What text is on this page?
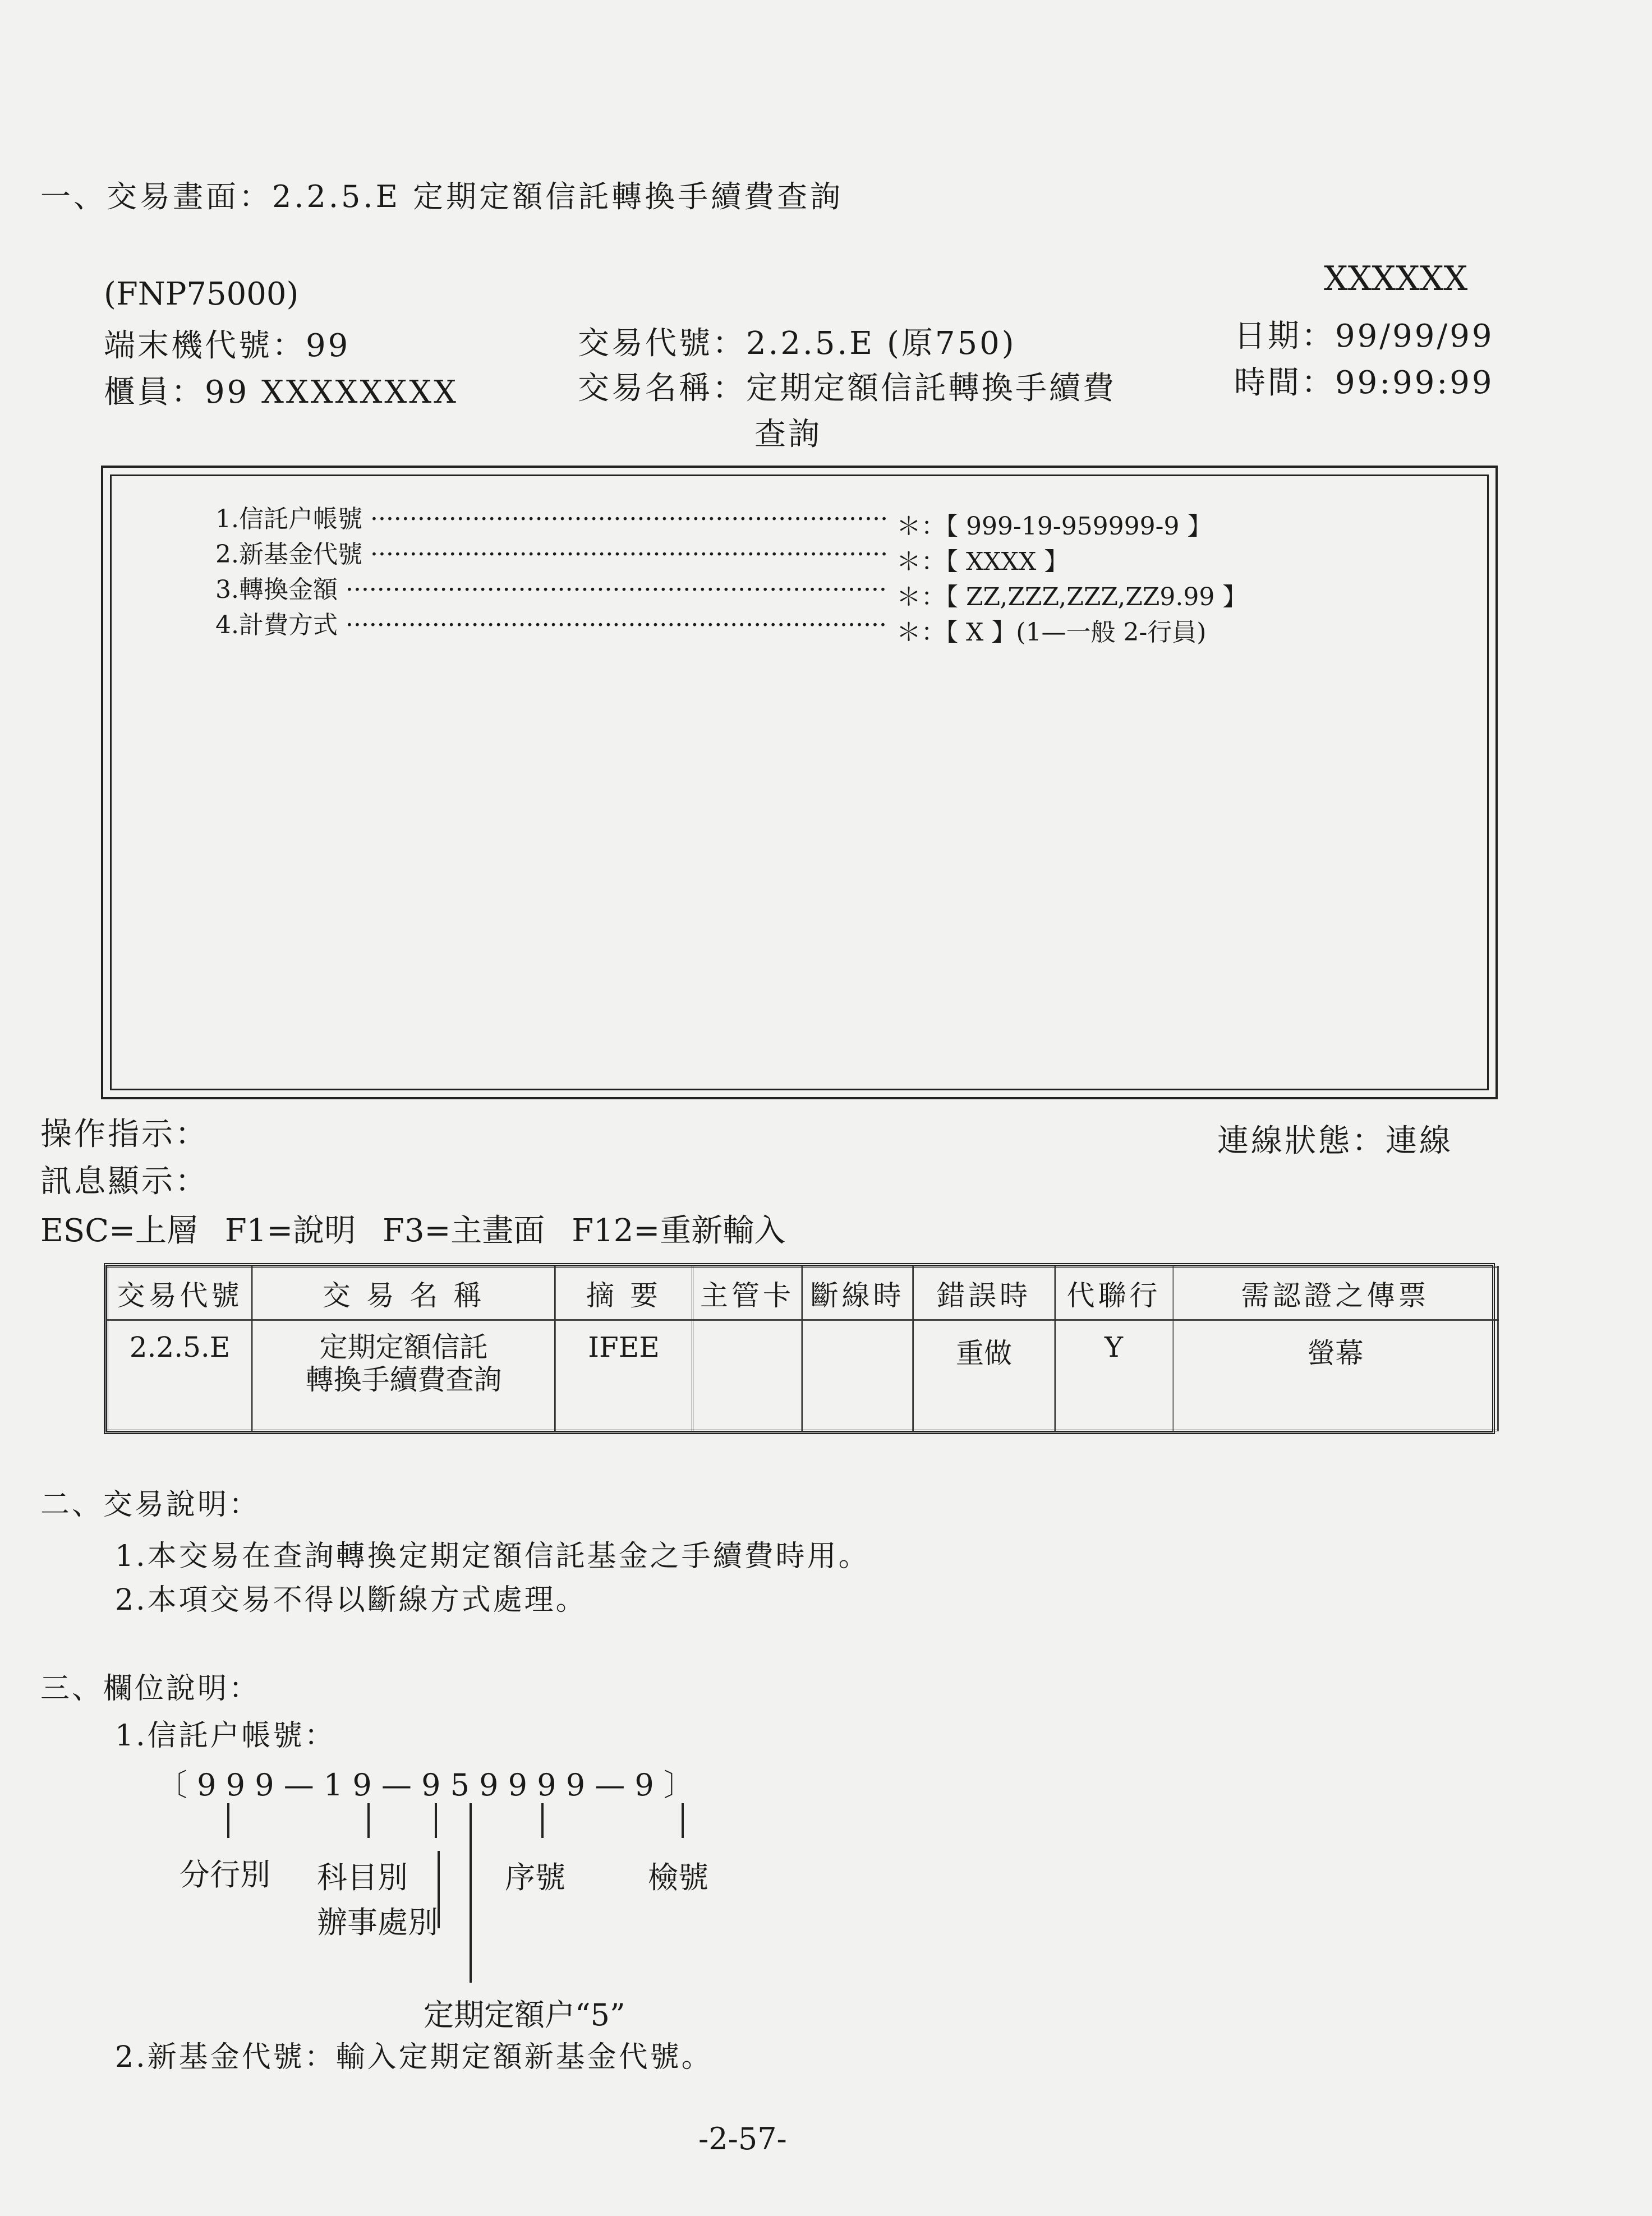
一、交易畫面：2.2.5.E 定期定額信託轉換手續費查詢
(FNP75000)	XXXXXX
端末機代號：99
櫃員：99 XXXXXXXX
交易代號：2.2.5.E (原750)
交易名稱：定期定額信託轉換手續費
查詢
日期：99/99/99
時間：99:99:99
1.信託户帳號 ·····	＊：【 999-19-959999-9 】
2.新基金代號 ·····	＊：【 XXXX 】
3.轉換金額 ·····	＊：【 ZZ,ZZZ,ZZZ,ZZ9.99 】
4.計費方式 ·····	＊：【 X 】(1—一般 2-行員)
操作指示：	連線狀態：連線
訊息顯示：
ESC=上層 F1=說明 F3=主畫面 F12=重新輸入
交易代號	交 易 名 稱	摘 要	主管卡	斷線時	錯誤時	代聯行	需認證之傳票
2.2.5.E	定期定額信託
轉換手續費查詢	IFEE			重做	Y	螢幕
二、交易說明：
1.本交易在查詢轉換定期定額信託基金之手續費時用。
2.本項交易不得以斷線方式處理。
三、欄位說明：
1.信託户帳號：
〔 9 9 9 — 1 9 — 9 5 9 9 9 9 — 9 〕
分行別 科目別
辦事處別
序號	檢號
定期定額户“5”
2.新基金代號：輸入定期定額新基金代號。
-2-57-
